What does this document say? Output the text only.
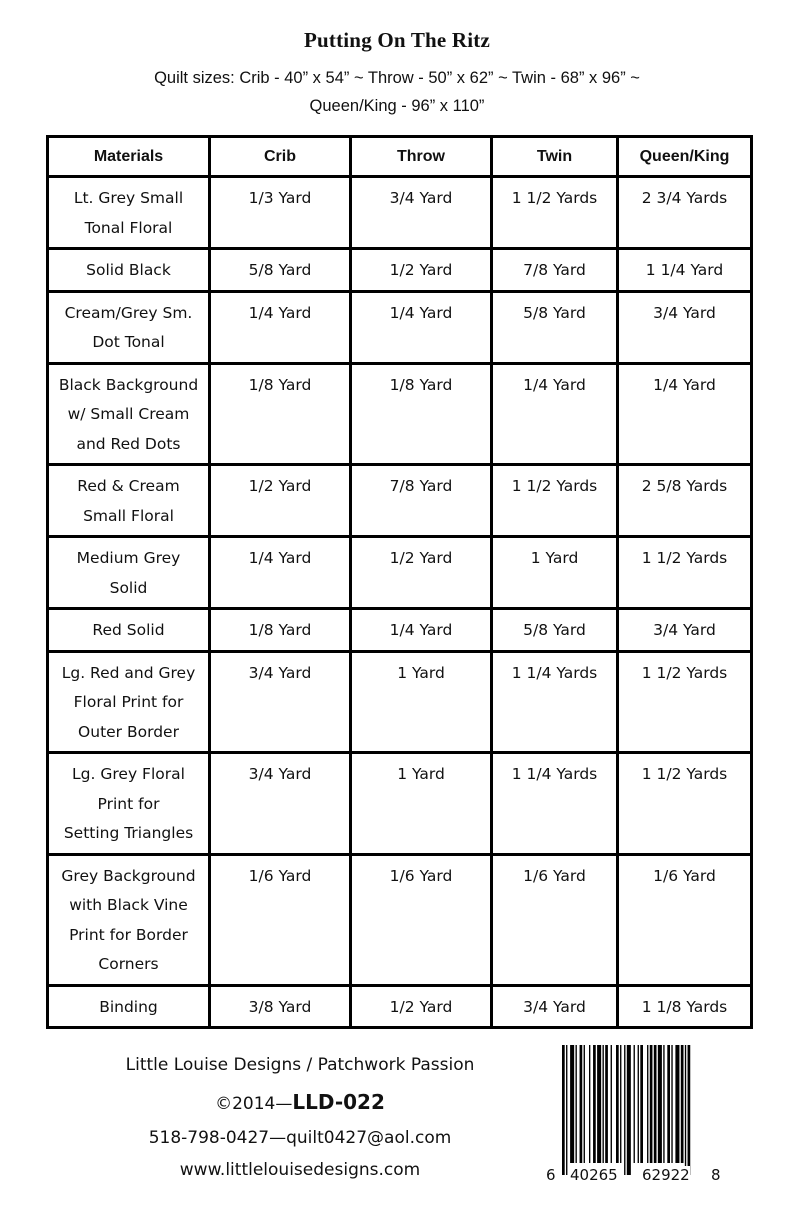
Putting On The Ritz
Quilt sizes: Crib - 40” x 54” ~ Throw - 50” x 62” ~ Twin - 68” x 96” ~
Queen/King - 96” x 110”
Materials	Crib	Throw	Twin	Queen/King

Lt. Grey Small
Tonal Floral	1/3 Yard	3/4 Yard	1 1/2 Yards	2 3/4 Yards

Solid Black	5/8 Yard	1/2 Yard	7/8 Yard	1 1/4 Yard

Cream/Grey Sm.
Dot Tonal	1/4 Yard	1/4 Yard	5/8 Yard	3/4 Yard

Black Background
w/ Small Cream
and Red Dots	1/8 Yard	1/8 Yard	1/4 Yard	1/4 Yard

Red & Cream
Small Floral	1/2 Yard	7/8 Yard	1 1/2 Yards	2 5/8 Yards

Medium Grey
Solid	1/4 Yard	1/2 Yard	1 Yard	1 1/2 Yards

Red Solid	1/8 Yard	1/4 Yard	5/8 Yard	3/4 Yard

Lg. Red and Grey
Floral Print for
Outer Border	3/4 Yard	1 Yard	1 1/4 Yards	1 1/2 Yards

Lg. Grey Floral
Print for
Setting Triangles	3/4 Yard	1 Yard	1 1/4 Yards	1 1/2 Yards

Grey Background
with Black Vine
Print for Border
Corners	1/6 Yard	1/6 Yard	1/6 Yard	1/6 Yard

Binding	3/8 Yard	1/2 Yard	3/4 Yard	1 1/8 Yards
Little Louise Designs / Patchwork Passion
©2014—LLD-022
518-798-0427—quilt0427@aol.com
www.littlelouisedesigns.com	6 40265 62922 8
